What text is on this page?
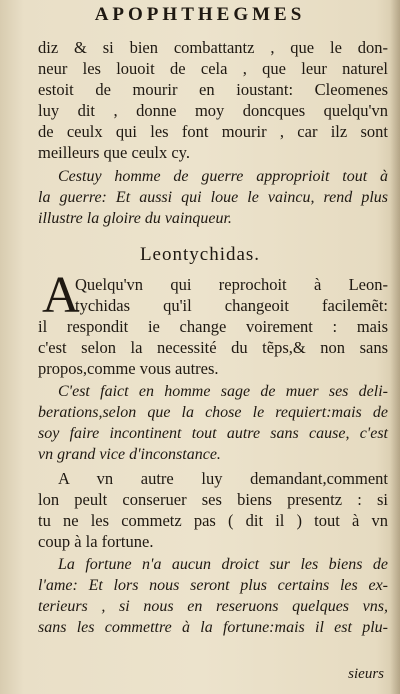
APOPHTHEGMES
diz & si bien combattantz , que le don-
neur les louoit de cela , que leur naturel
estoit de mourir en ioustant: Cleomenes
luy dit , donne moy doncques quelqu'vn
de ceulx qui les font mourir , car ilz sont
meilleurs que ceulx cy.
Cestuy homme de guerre approprioit tout à
la guerre: Et aussi qui loue le vaincu, rend plus
illustre la gloire du vainqueur.
Leontychidas.
A
Quelqu'vn qui reprochoit à Leon-
tychidas qu'il changeoit facilemẽt:
il respondit ie change voirement : mais
c'est selon la necessité du tẽps,& non sans
propos,comme vous autres.
C'est faict en homme sage de muer ses deli-
berations,selon que la chose le requiert:mais de
soy faire incontinent tout autre sans cause, c'est
vn grand vice d'inconstance.
A vn autre luy demandant,comment
lon peult conseruer ses biens presentz : si
tu ne les commetz pas ( dit il ) tout à vn
coup à la fortune.
La fortune n'a aucun droict sur les biens de
l'ame: Et lors nous seront plus certains les ex-
terieurs , si nous en reseruons quelques vns,
sans les commettre à la fortune:mais il est plu-
sieurs
